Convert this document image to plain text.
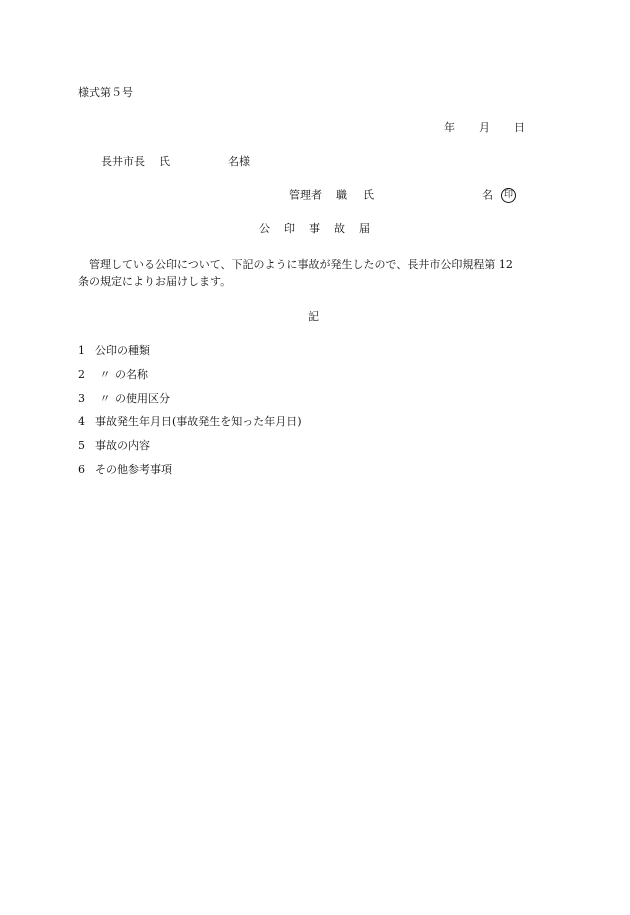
様式第５号
年 月 日
長井市長 氏	名様
管理者 職 氏	名 印
公 印 事 故 届
管理している公印について、下記のように事故が発生したので、長井市公印規程第 12
条の規定によりお届けします。
記
1 公印の種類
2 〃 の名称
3 〃 の使用区分
4 事故発生年月日(事故発生を知った年月日)
5 事故の内容
6 その他参考事項
